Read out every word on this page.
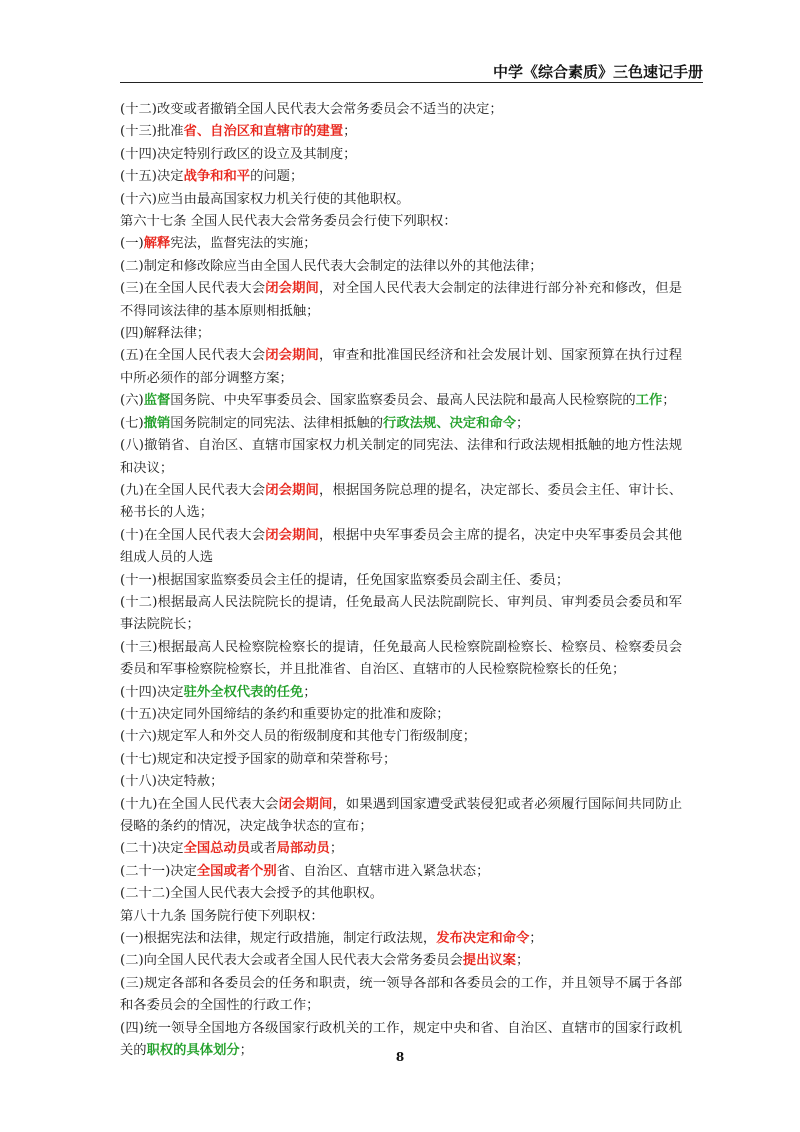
中学《综合素质》三色速记手册

(十二)改变或者撤销全国人民代表大会常务委员会不适当的决定；

(十三)批准省、自治区和直辖市的建置；

(十四)决定特别行政区的设立及其制度；

(十五)决定战争和和平的问题；

(十六)应当由最高国家权力机关行使的其他职权。

第六十七条 全国人民代表大会常务委员会行使下列职权：

(一)解释宪法，监督宪法的实施；

(二)制定和修改除应当由全国人民代表大会制定的法律以外的其他法律；

(三)在全国人民代表大会闭会期间，对全国人民代表大会制定的法律进行部分补充和修改，但是不得同该法律的基本原则相抵触；

(四)解释法律；

(五)在全国人民代表大会闭会期间，审查和批准国民经济和社会发展计划、国家预算在执行过程中所必须作的部分调整方案；

(六)监督国务院、中央军事委员会、国家监察委员会、最高人民法院和最高人民检察院的工作；

(七)撤销国务院制定的同宪法、法律相抵触的行政法规、决定和命令；

(八)撤销省、自治区、直辖市国家权力机关制定的同宪法、法律和行政法规相抵触的地方性法规和决议；

(九)在全国人民代表大会闭会期间，根据国务院总理的提名，决定部长、委员会主任、审计长、秘书长的人选；

(十)在全国人民代表大会闭会期间，根据中央军事委员会主席的提名，决定中央军事委员会其他组成人员的人选

(十一)根据国家监察委员会主任的提请，任免国家监察委员会副主任、委员；

(十二)根据最高人民法院院长的提请，任免最高人民法院副院长、审判员、审判委员会委员和军事法院院长；

(十三)根据最高人民检察院检察长的提请，任免最高人民检察院副检察长、检察员、检察委员会委员和军事检察院检察长，并且批准省、自治区、直辖市的人民检察院检察长的任免；

(十四)决定驻外全权代表的任免；

(十五)决定同外国缔结的条约和重要协定的批准和废除；

(十六)规定军人和外交人员的衔级制度和其他专门衔级制度；

(十七)规定和决定授予国家的勋章和荣誉称号；

(十八)决定特赦；

(十九)在全国人民代表大会闭会期间，如果遇到国家遭受武装侵犯或者必须履行国际间共同防止侵略的条约的情况，决定战争状态的宣布；

(二十)决定全国总动员或者局部动员；

(二十一)决定全国或者个别省、自治区、直辖市进入紧急状态；

(二十二)全国人民代表大会授予的其他职权。

第八十九条 国务院行使下列职权：

(一)根据宪法和法律，规定行政措施，制定行政法规，发布决定和命令；

(二)向全国人民代表大会或者全国人民代表大会常务委员会提出议案；

(三)规定各部和各委员会的任务和职责，统一领导各部和各委员会的工作，并且领导不属于各部和各委员会的全国性的行政工作；

(四)统一领导全国地方各级国家行政机关的工作，规定中央和省、自治区、直辖市的国家行政机关的职权的具体划分；	8
